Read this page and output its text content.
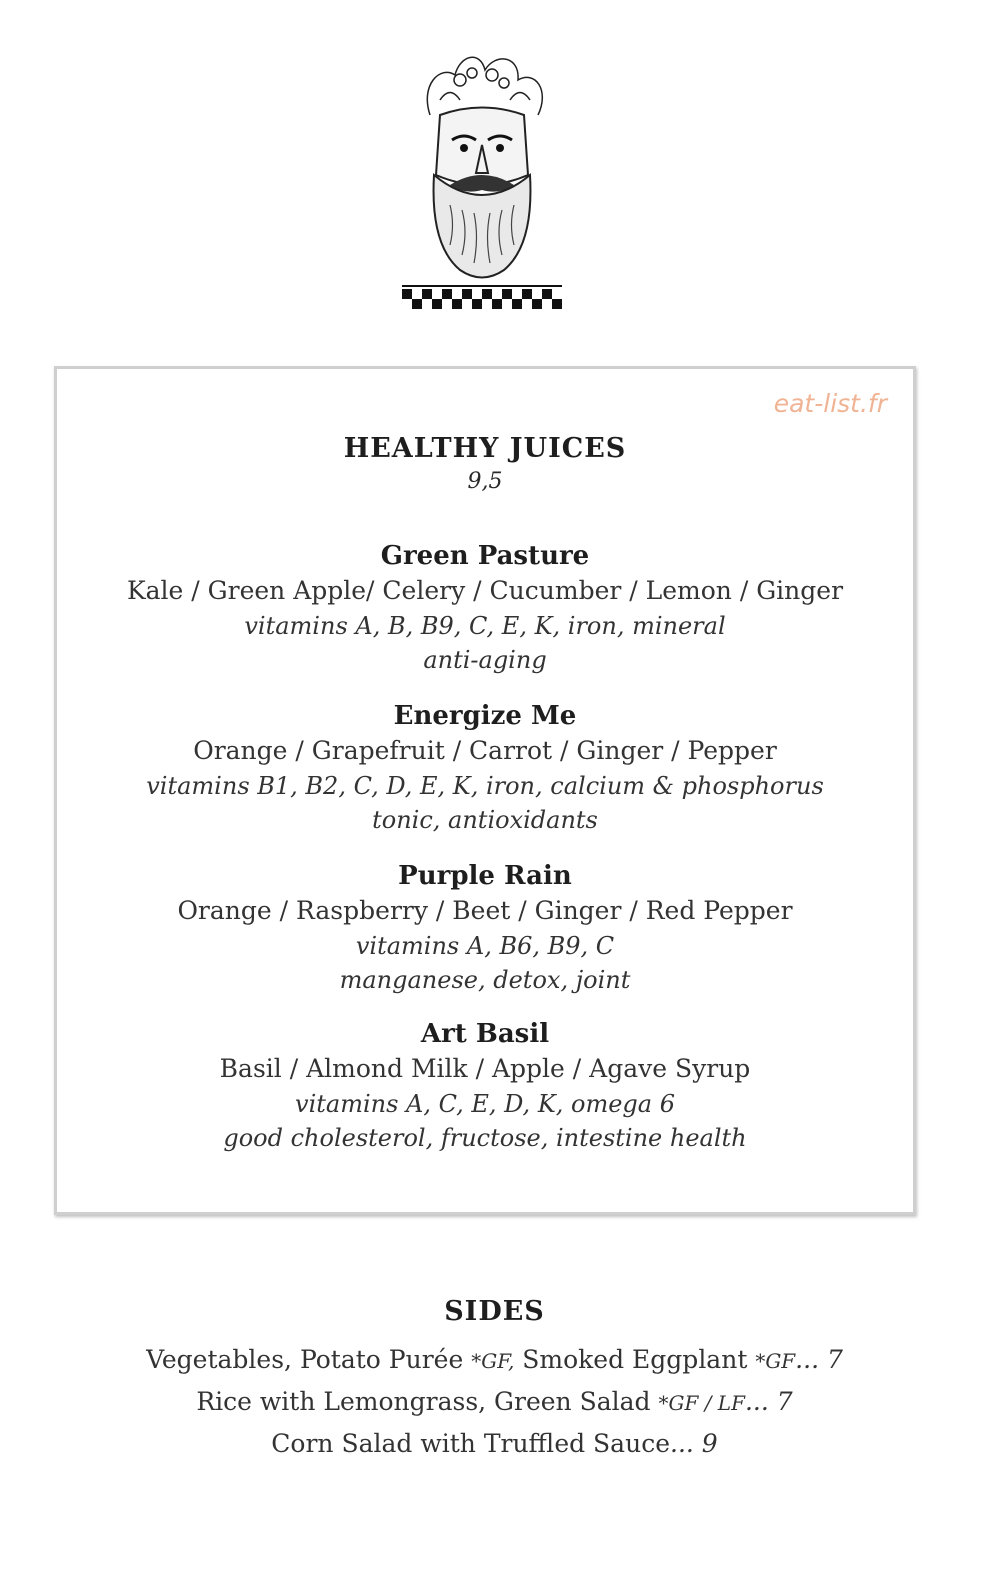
eat-list.fr
HEALTHY JUICES
9,5
Green Pasture
Kale / Green Apple/ Celery / Cucumber / Lemon / Ginger
vitamins A, B, B9, C, E, K, iron, mineral
anti-aging
Energize Me
Orange / Grapefruit / Carrot / Ginger / Pepper
vitamins B1, B2, C, D, E, K, iron, calcium & phosphorus
tonic, antioxidants
Purple Rain
Orange / Raspberry / Beet / Ginger / Red Pepper
vitamins A, B6, B9, C
manganese, detox, joint
Art Basil
Basil / Almond Milk / Apple / Agave Syrup
vitamins A, C, E, D, K, omega 6
good cholesterol, fructose, intestine health
SIDES
Vegetables, Potato Purée *GF, Smoked Eggplant *GF... 7
Rice with Lemongrass, Green Salad *GF / LF... 7
Corn Salad with Truffled Sauce... 9
